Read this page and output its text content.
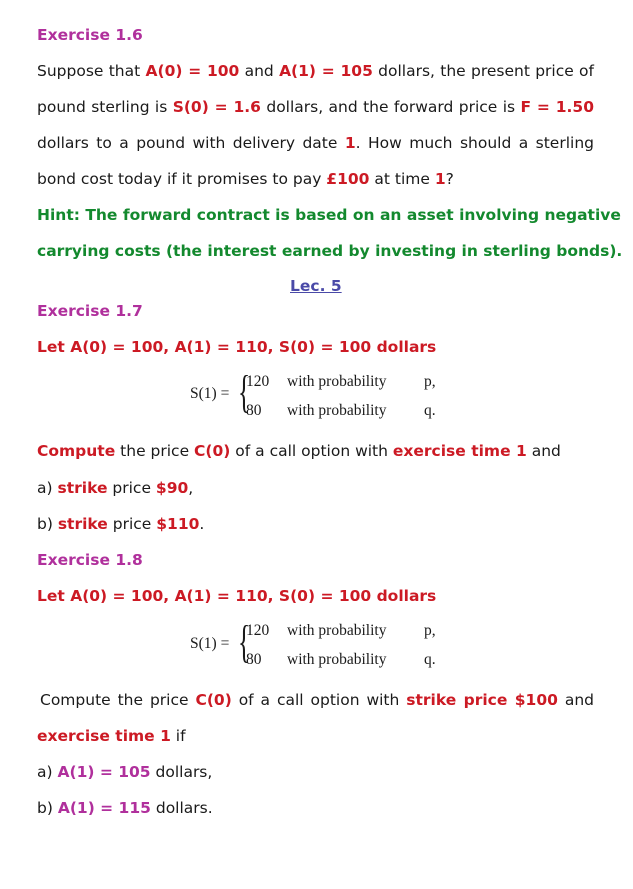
Exercise 1.6
Suppose that A(0) = 100 and A(1) = 105 dollars, the present price of
pound sterling is S(0) = 1.6 dollars, and the forward price is F = 1.50
dollars to a pound with delivery date 1. How much should a sterling
bond cost today if it promises to pay £100 at time 1?
Hint: The forward contract is based on an asset involving negative
carrying costs (the interest earned by investing in sterling bonds).
Lec. 5
Exercise 1.7
Let A(0) = 100, A(1) = 110, S(0) = 100 dollars
S(1) = {
120 with probability p,
80 with probability q.
Compute the price C(0) of a call option with exercise time 1 and
a) strike price $90,
b) strike price $110.
Exercise 1.8
Let A(0) = 100, A(1) = 110, S(0) = 100 dollars
S(1) = {
120 with probability p,
80 with probability q.
Compute the price C(0) of a call option with strike price $100 and
exercise time 1 if
a) A(1) = 105 dollars,
b) A(1) = 115 dollars.
